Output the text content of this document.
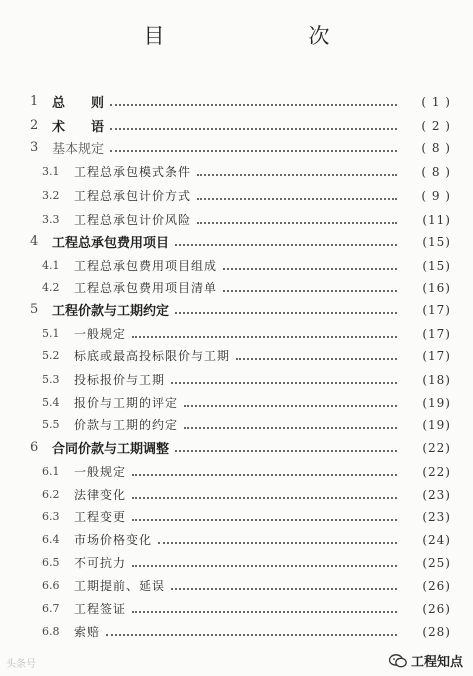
目　　次
1	总　　则	( 1 )
2	术　　语	( 2 )
3	基本规定	( 8 )
3.1	工程总承包模式条件	( 8 )
3.2	工程总承包计价方式	( 9 )
3.3	工程总承包计价风险	(11)
4	工程总承包费用项目	(15)
4.1	工程总承包费用项目组成	(15)
4.2	工程总承包费用项目清单	(16)
5	工程价款与工期约定	(17)
5.1	一般规定	(17)
5.2	标底或最高投标限价与工期	(17)
5.3	投标报价与工期	(18)
5.4	报价与工期的评定	(19)
5.5	价款与工期的约定	(19)
6	合同价款与工期调整	(22)
6.1	一般规定	(22)
6.2	法律变化	(23)
6.3	工程变更	(23)
6.4	市场价格变化	(24)
6.5	不可抗力	(25)
6.6	工期提前、延误	(26)
6.7	工程签证	(26)
6.8	索赔	(28)
头条号	工程知点
